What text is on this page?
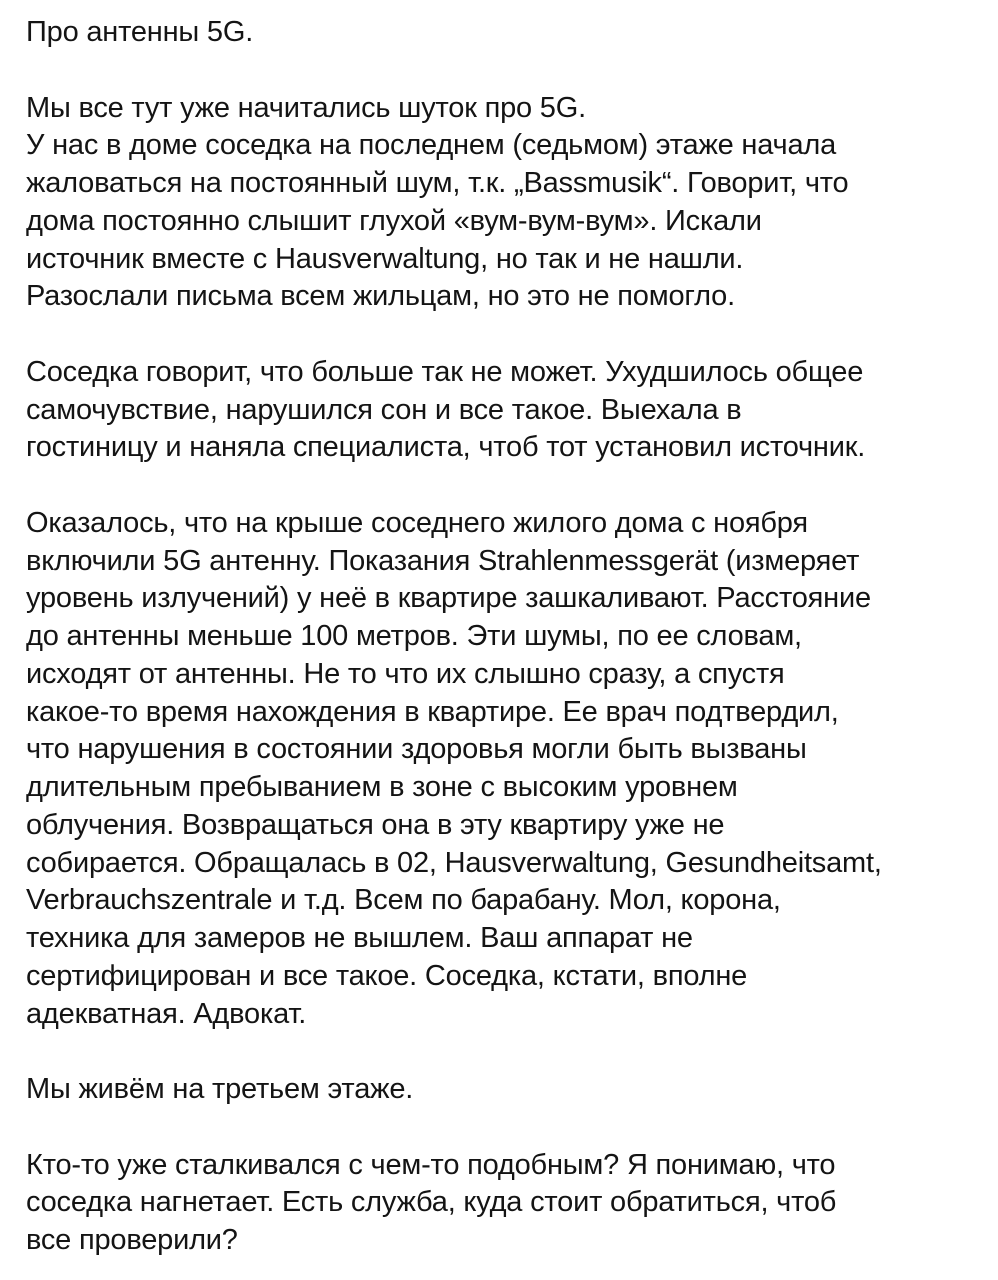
Про антенны 5G.
Мы все тут уже начитались шуток про 5G.
У нас в доме соседка на последнем (седьмом) этаже начала
жаловаться на постоянный шум, т.к. „Bassmusik“. Говорит, что
дома постоянно слышит глухой «вум-вум-вум». Искали
источник вместе с Hausverwaltung, но так и не нашли.
Разослали письма всем жильцам, но это не помогло.
Соседка говорит, что больше так не может. Ухудшилось общее
самочувствие, нарушился сон и все такое. Выехала в
гостиницу и наняла специалиста, чтоб тот установил источник.
Оказалось, что на крыше соседнего жилого дома с ноября
включили 5G антенну. Показания Strahlenmessgerät (измеряет
уровень излучений) у неё в квартире зашкаливают. Расстояние
до антенны меньше 100 метров. Эти шумы, по ее словам,
исходят от антенны. Не то что их слышно сразу, а спустя
какое-то время нахождения в квартире. Ее врач подтвердил,
что нарушения в состоянии здоровья могли быть вызваны
длительным пребыванием в зоне с высоким уровнем
облучения. Возвращаться она в эту квартиру уже не
собирается. Обращалась в 02, Hausverwaltung, Gesundheitsamt,
Verbrauchszentrale и т.д. Всем по барабану. Мол, корона,
техника для замеров не вышлем. Ваш аппарат не
сертифицирован и все такое. Соседка, кстати, вполне
адекватная. Адвокат.
Мы живём на третьем этаже.
Кто-то уже сталкивался с чем-то подобным? Я понимаю, что
соседка нагнетает. Есть служба, куда стоит обратиться, чтоб
все проверили?
